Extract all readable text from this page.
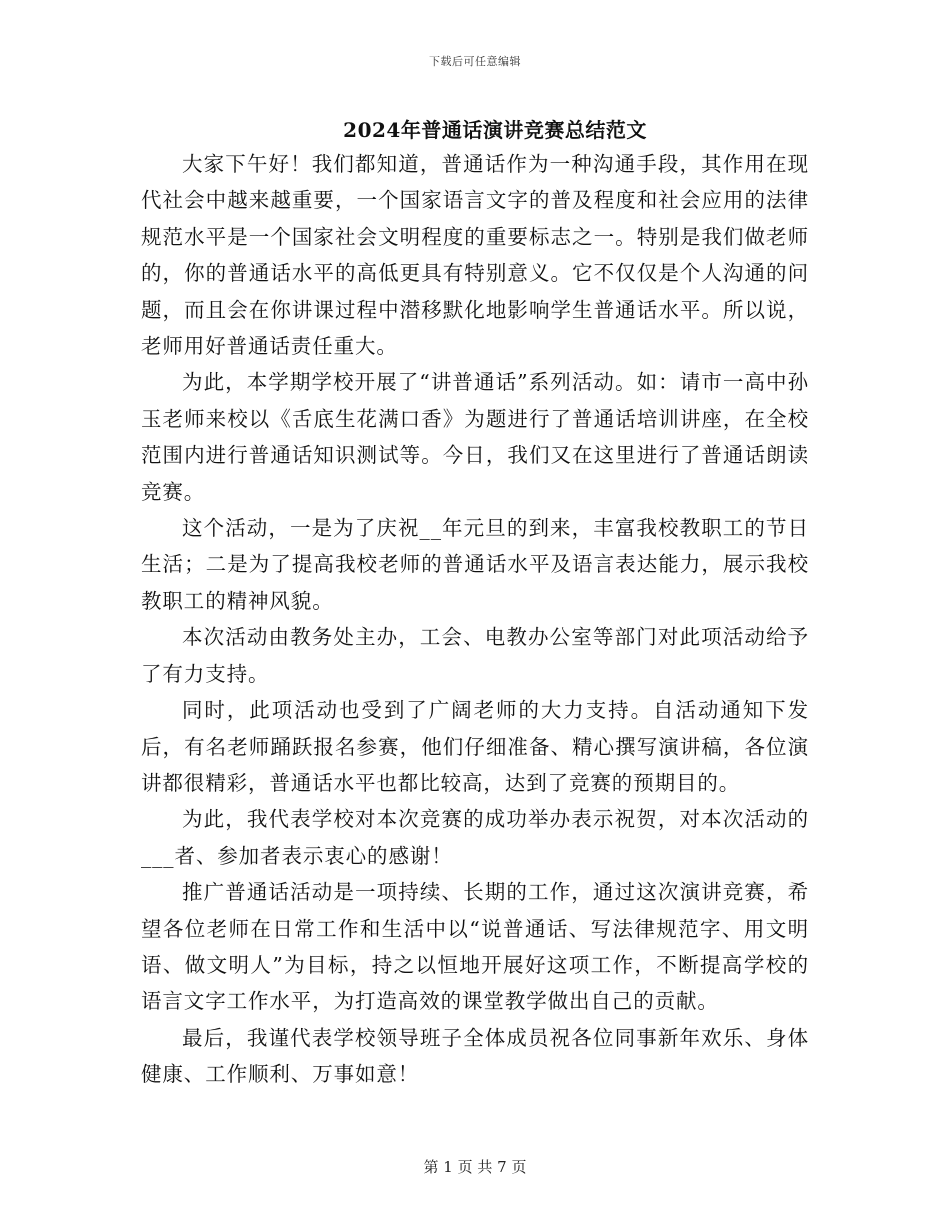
下载后可任意编辑
2024年普通话演讲竞赛总结范文

大家下午好！我们都知道，普通话作为一种沟通手段，其作用在现代社会中越来越重要，一个国家语言文字的普及程度和社会应用的法律规范水平是一个国家社会文明程度的重要标志之一。特别是我们做老师的，你的普通话水平的高低更具有特别意义。它不仅仅是个人沟通的问题，而且会在你讲课过程中潜移默化地影响学生普通话水平。所以说，老师用好普通话责任重大。

为此，本学期学校开展了“讲普通话”系列活动。如：请市一高中孙玉老师来校以《舌底生花满口香》为题进行了普通话培训讲座，在全校范围内进行普通话知识测试等。今日，我们又在这里进行了普通话朗读竞赛。

这个活动，一是为了庆祝__年元旦的到来，丰富我校教职工的节日生活；二是为了提高我校老师的普通话水平及语言表达能力，展示我校教职工的精神风貌。

本次活动由教务处主办，工会、电教办公室等部门对此项活动给予了有力支持。

同时，此项活动也受到了广阔老师的大力支持。自活动通知下发后，有名老师踊跃报名参赛，他们仔细准备、精心撰写演讲稿，各位演讲都很精彩，普通话水平也都比较高，达到了竞赛的预期目的。

为此，我代表学校对本次竞赛的成功举办表示祝贺，对本次活动的___者、参加者表示衷心的感谢！

推广普通话活动是一项持续、长期的工作，通过这次演讲竞赛，希望各位老师在日常工作和生活中以“说普通话、写法律规范字、用文明语、做文明人”为目标，持之以恒地开展好这项工作，不断提高学校的语言文字工作水平，为打造高效的课堂教学做出自己的贡献。

最后，我谨代表学校领导班子全体成员祝各位同事新年欢乐、身体健康、工作顺利、万事如意！

第 1 页 共 7 页
